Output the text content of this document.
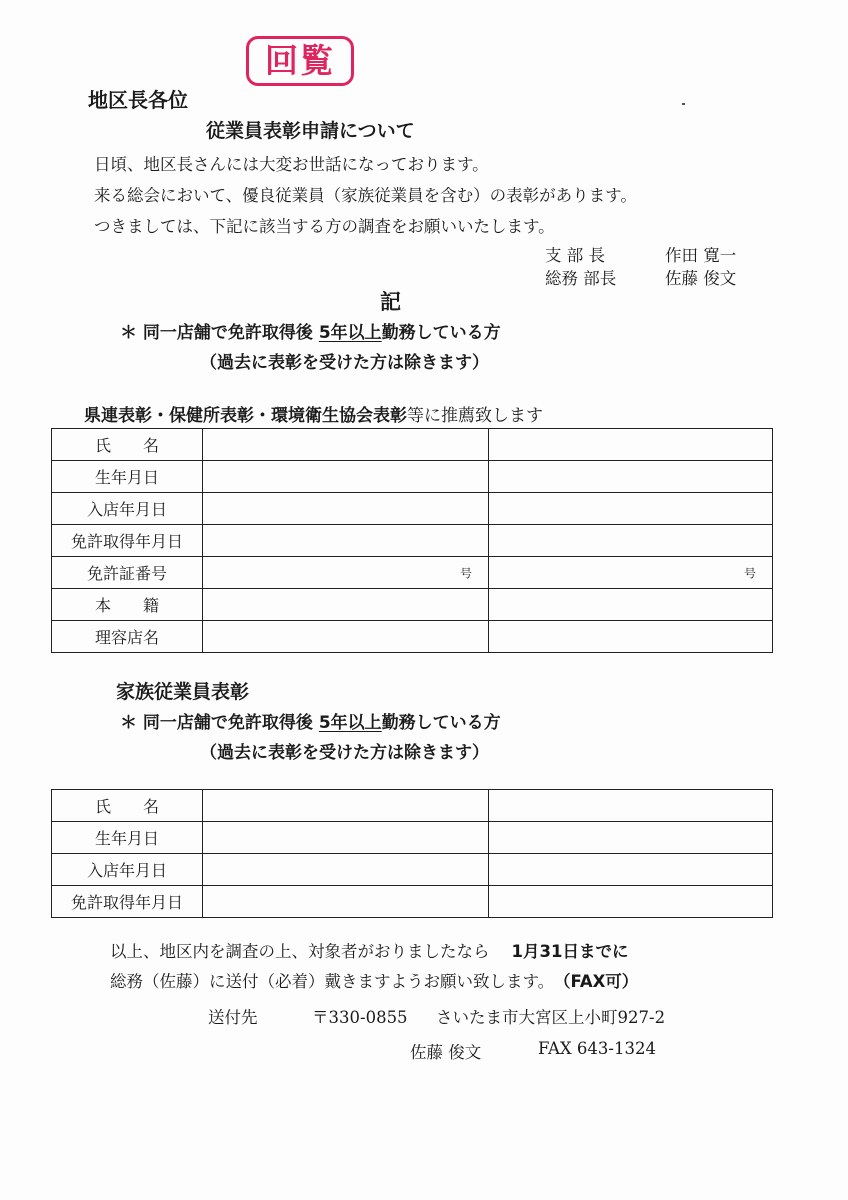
回覧
地区長各位
従業員表彰申請について
日頃、地区長さんには大変お世話になっております。
来る総会において、優良従業員（家族従業員を含む）の表彰があります。
つきましては、下記に該当する方の調査をお願いいたします。
支 部 長	作田 寛一
総務 部長	佐藤 俊文
記
＊ 同一店舗で免許取得後 5年以上勤務している方
（過去に表彰を受けた方は除きます）
県連表彰・保健所表彰・環境衛生協会表彰等に推薦致します
氏　　名		
生年月日		
入店年月日		
免許取得年月日		
免許証番号	号	号

本　　籍		
理容店名		
家族従業員表彰
＊ 同一店舗で免許取得後 5年以上勤務している方
（過去に表彰を受けた方は除きます）
氏　　名		
生年月日		
入店年月日		
免許取得年月日		
以上、地区内を調査の上、対象者がおりましたなら 1月31日までに
総務（佐藤）に送付（必着）戴きますようお願い致します。 （FAX可）
送付先	〒330-0855 さいたま市大宮区上小町927-2
佐藤 俊文	FAX 643-1324
